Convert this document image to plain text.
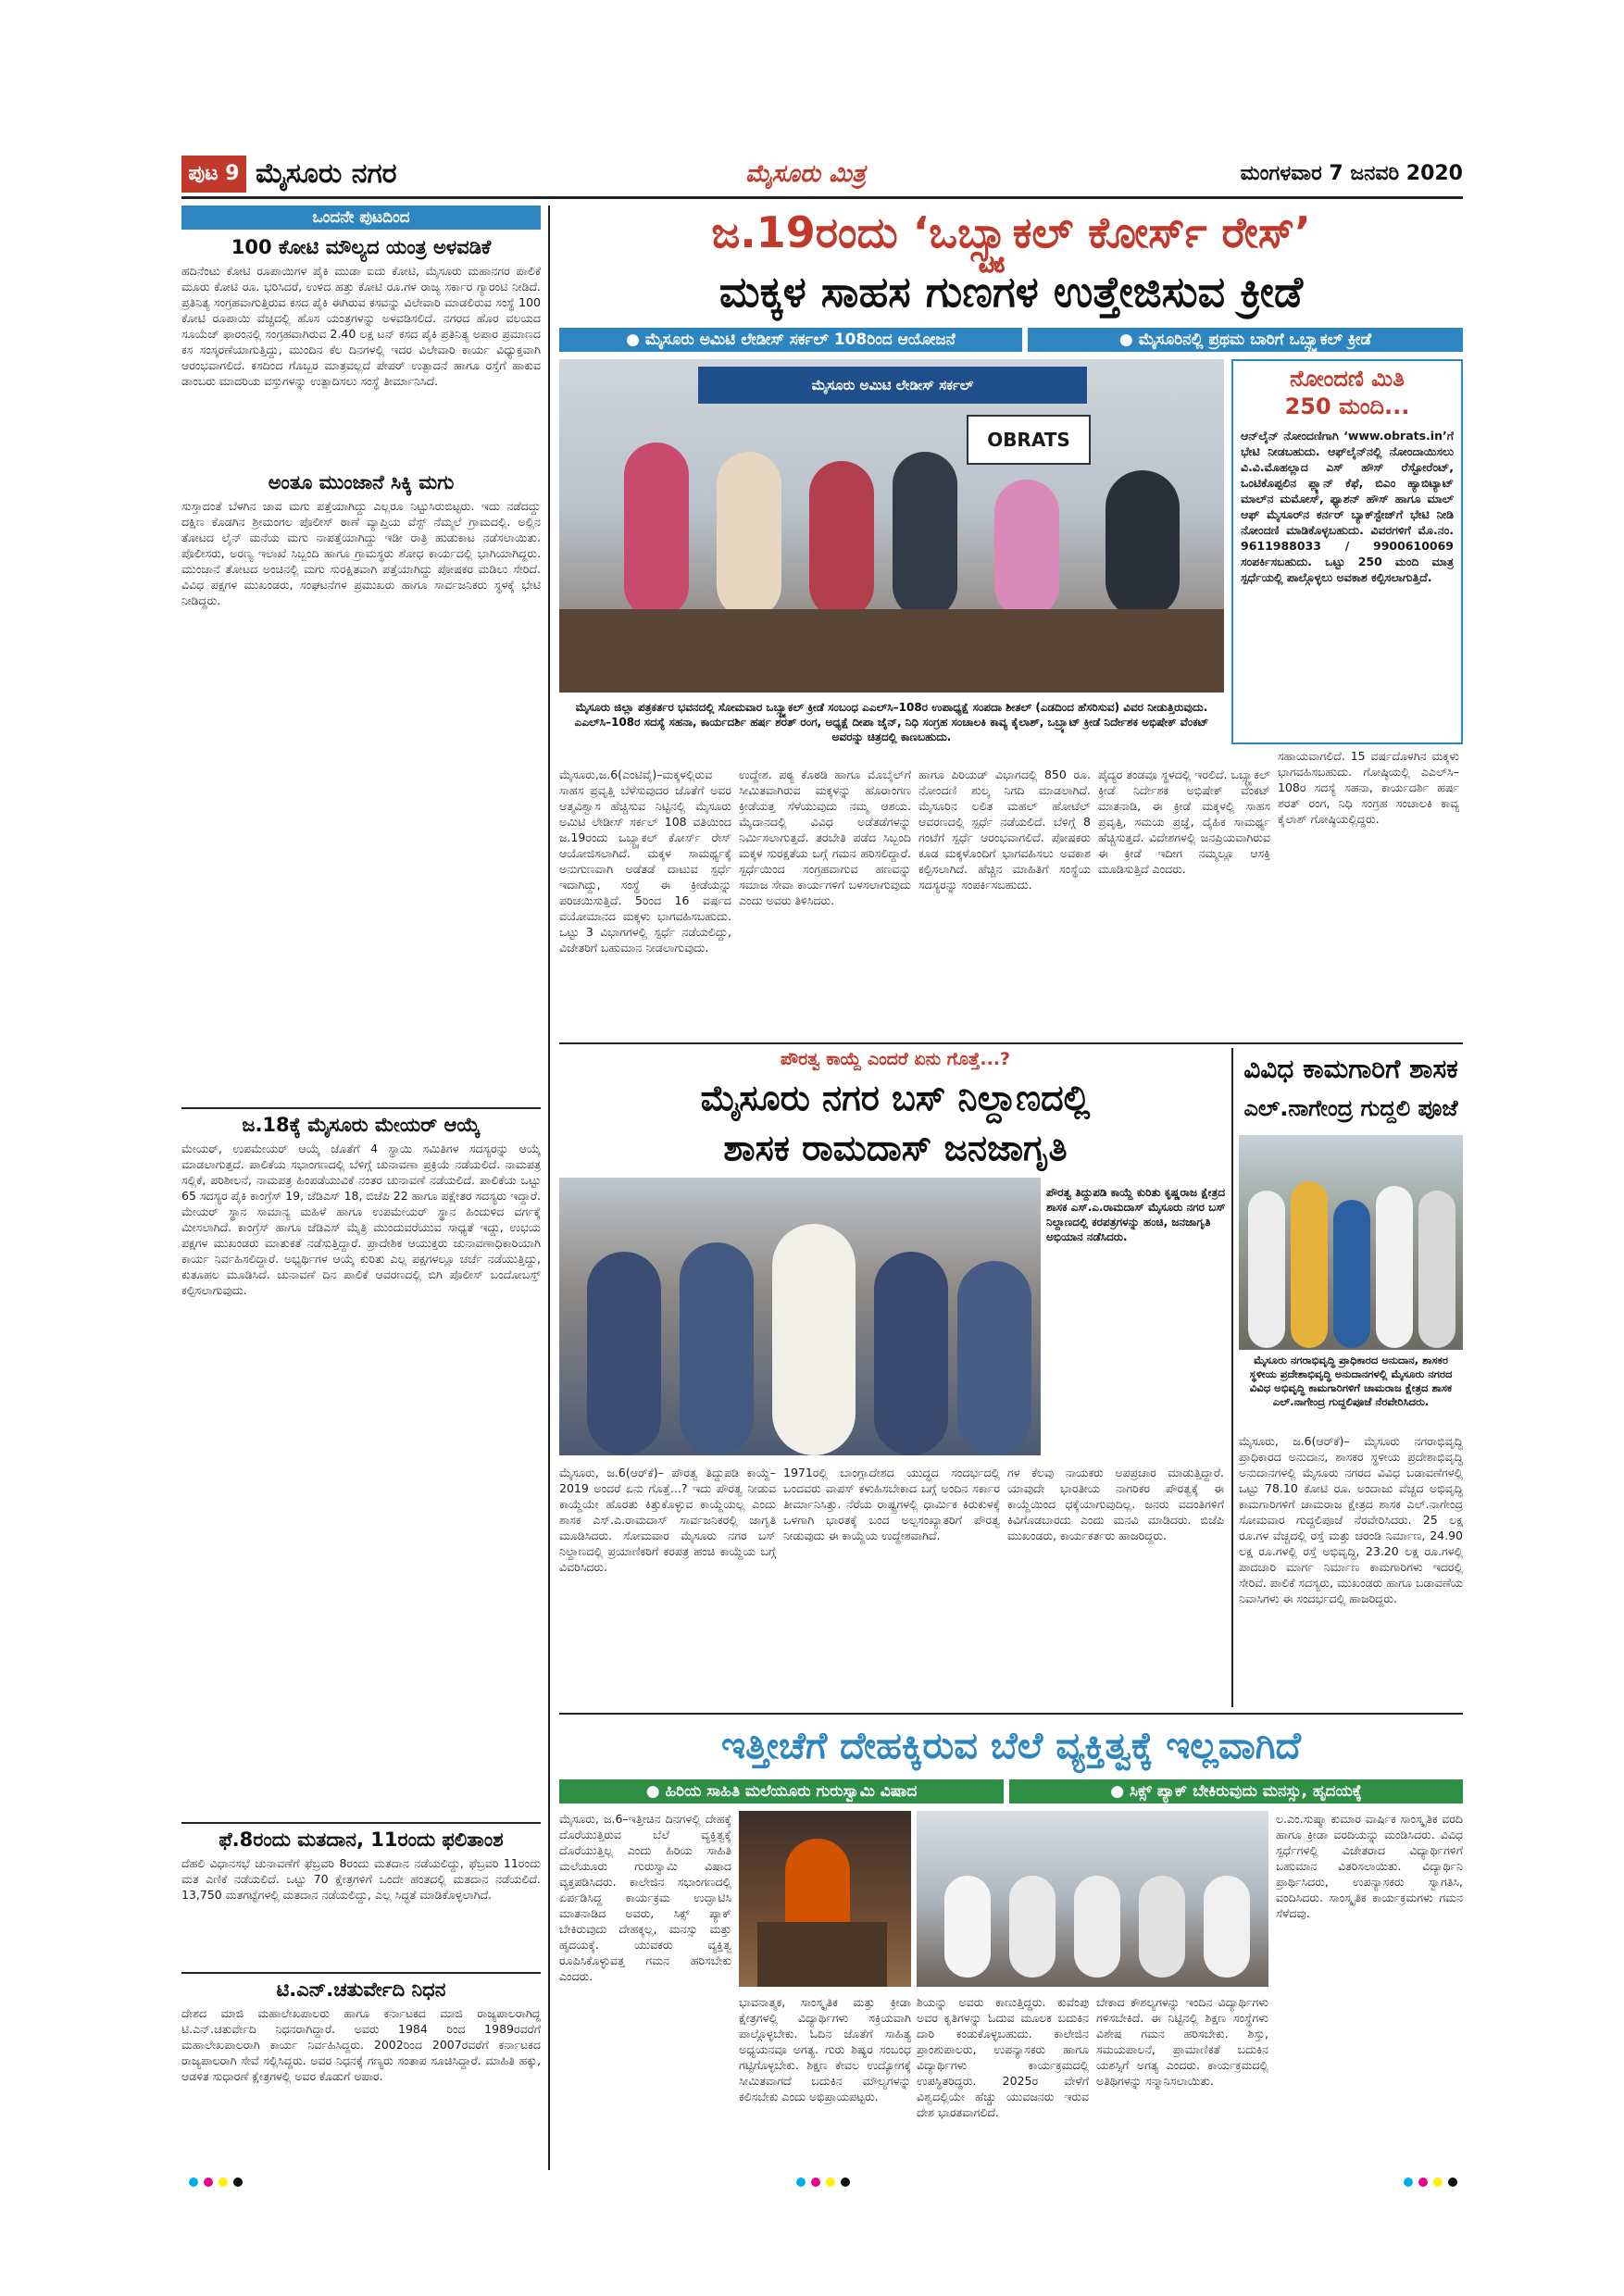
ಪುಟ 9 ಮೈಸೂರು ನಗರ	ಮೈಸೂರು ಮಿತ್ರ	ಮಂಗಳವಾರ 7 ಜನವರಿ 2020
ಒಂದನೇ ಪುಟದಿಂದ
100 ಕೋಟಿ ಮೌಲ್ಯದ ಯಂತ್ರ ಅಳವಡಿಕೆ
ಹದಿನೆಂಟು ಕೋಟಿ ರೂಪಾಯಿಗಳ ಪೈಕಿ ಮುಡಾ ಐದು ಕೋಟಿ, ಮೈಸೂರು ಮಹಾನಗರ ಪಾಲಿಕೆ ಮೂರು ಕೋಟಿ ರೂ. ಭರಿಸಿದರೆ, ಉಳಿದ ಹತ್ತು ಕೋಟಿ ರೂ.ಗಳ ರಾಜ್ಯ ಸರ್ಕಾರ ಗ್ಯಾರಂಟಿ ನೀಡಿದೆ. ಪ್ರತಿನಿತ್ಯ ಸಂಗ್ರಹವಾಗುತ್ತಿರುವ ಕಸದ ಪೈಕಿ ಈಗಿರುವ ಕಸವನ್ನು ವಿಲೇವಾರಿ ಮಾಡಲಿರುವ ಸಂಸ್ಥೆ 100 ಕೋಟಿ ರೂಪಾಯಿ ವೆಚ್ಚದಲ್ಲಿ ಹೊಸ ಯಂತ್ರಗಳನ್ನು ಅಳವಡಿಸಲಿದೆ. ನಗರದ ಹೊರ ವಲಯದ ಸೂಯೆಜ್ ಫಾರಂನಲ್ಲಿ ಸಂಗ್ರಹವಾಗಿರುವ 2.40 ಲಕ್ಷ ಟನ್ ಕಸದ ಪೈಕಿ ಪ್ರತಿನಿತ್ಯ ಅಪಾರ ಪ್ರಮಾಣದ ಕಸ ಸಂಸ್ಕರಣೆಯಾಗುತ್ತಿದ್ದು, ಮುಂದಿನ ಕೆಲ ದಿನಗಳಲ್ಲಿ ಇದರ ವಿಲೇವಾರಿ ಕಾರ್ಯ ವಿಧ್ಯುಕ್ತವಾಗಿ ಆರಂಭವಾಗಲಿದೆ. ಕಸದಿಂದ ಗೊಬ್ಬರ ಮಾತ್ರವಲ್ಲದೆ ಪೇಪರ್ ಉತ್ಪಾದನೆ ಹಾಗೂ ರಸ್ತೆಗೆ ಹಾಕುವ ಡಾಂಬರು ಮಾದರಿಯ ವಸ್ತುಗಳನ್ನು ಉತ್ಪಾದಿಸಲು ಸಂಸ್ಥೆ ತೀರ್ಮಾನಿಸಿದೆ.
ಅಂತೂ ಮುಂಜಾನೆ ಸಿಕ್ಕಿ ಮಗು
ಸುಸ್ತಾದಂತೆ ಬೆಳಗಿನ ಜಾವ ಮಗು ಪತ್ತೆಯಾಗಿದ್ದು ಎಲ್ಲರೂ ನಿಟ್ಟುಸಿರುಬಿಟ್ಟರು. ಇದು ನಡೆದದ್ದು ದಕ್ಷಿಣ ಕೊಡಗಿನ ಶ್ರೀಮಂಗಲ ಪೊಲೀಸ್ ಠಾಣೆ ವ್ಯಾಪ್ತಿಯ ವೆಸ್ಟ್ ನೆಮ್ಮಲೆ ಗ್ರಾಮದಲ್ಲಿ. ಅಲ್ಲಿನ ತೋಟದ ಲೈನ್ ಮನೆಯ ಮಗು ನಾಪತ್ತೆಯಾಗಿದ್ದು ಇಡೀ ರಾತ್ರಿ ಹುಡುಕಾಟ ನಡೆಸಲಾಯಿತು. ಪೊಲೀಸರು, ಅರಣ್ಯ ಇಲಾಖೆ ಸಿಬ್ಬಂದಿ ಹಾಗೂ ಗ್ರಾಮಸ್ಥರು ಶೋಧ ಕಾರ್ಯದಲ್ಲಿ ಭಾಗಿಯಾಗಿದ್ದರು. ಮುಂಜಾನೆ ತೋಟದ ಅಂಚಿನಲ್ಲಿ ಮಗು ಸುರಕ್ಷಿತವಾಗಿ ಪತ್ತೆಯಾಗಿದ್ದು ಪೋಷಕರ ಮಡಿಲು ಸೇರಿದೆ. ವಿವಿಧ ಪಕ್ಷಗಳ ಮುಖಂಡರು, ಸಂಘಟನೆಗಳ ಪ್ರಮುಖರು ಹಾಗೂ ಸಾರ್ವಜನಿಕರು ಸ್ಥಳಕ್ಕೆ ಭೇಟಿ ನೀಡಿದ್ದರು.
ಜ.18ಕ್ಕೆ ಮೈಸೂರು ಮೇಯರ್ ಆಯ್ಕೆ
ಮೇಯರ್, ಉಪಮೇಯರ್ ಆಯ್ಕೆ ಜೊತೆಗೆ 4 ಸ್ಥಾಯಿ ಸಮಿತಿಗಳ ಸದಸ್ಯರನ್ನು ಆಯ್ಕೆ ಮಾಡಲಾಗುತ್ತದೆ. ಪಾಲಿಕೆಯ ಸಭಾಂಗಣದಲ್ಲಿ ಬೆಳಿಗ್ಗೆ ಚುನಾವಣಾ ಪ್ರಕ್ರಿಯೆ ನಡೆಯಲಿದೆ. ನಾಮಪತ್ರ ಸಲ್ಲಿಕೆ, ಪರಿಶೀಲನೆ, ನಾಮಪತ್ರ ಹಿಂಪಡೆಯುವಿಕೆ ನಂತರ ಚುನಾವಣೆ ನಡೆಯಲಿದೆ. ಪಾಲಿಕೆಯ ಒಟ್ಟು 65 ಸದಸ್ಯರ ಪೈಕಿ ಕಾಂಗ್ರೆಸ್ 19, ಜೆಡಿಎಸ್ 18, ಬಿಜೆಪಿ 22 ಹಾಗೂ ಪಕ್ಷೇತರ ಸದಸ್ಯರು ಇದ್ದಾರೆ. ಮೇಯರ್ ಸ್ಥಾನ ಸಾಮಾನ್ಯ ಮಹಿಳೆ ಹಾಗೂ ಉಪಮೇಯರ್ ಸ್ಥಾನ ಹಿಂದುಳಿದ ವರ್ಗಕ್ಕೆ ಮೀಸಲಾಗಿದೆ. ಕಾಂಗ್ರೆಸ್ ಹಾಗೂ ಜೆಡಿಎಸ್ ಮೈತ್ರಿ ಮುಂದುವರೆಯುವ ಸಾಧ್ಯತೆ ಇದ್ದು, ಉಭಯ ಪಕ್ಷಗಳ ಮುಖಂಡರು ಮಾತುಕತೆ ನಡೆಸುತ್ತಿದ್ದಾರೆ. ಪ್ರಾದೇಶಿಕ ಆಯುಕ್ತರು ಚುನಾವಣಾಧಿಕಾರಿಯಾಗಿ ಕಾರ್ಯ ನಿರ್ವಹಿಸಲಿದ್ದಾರೆ. ಅಭ್ಯರ್ಥಿಗಳ ಆಯ್ಕೆ ಕುರಿತು ಎಲ್ಲ ಪಕ್ಷಗಳಲ್ಲೂ ಚರ್ಚೆ ನಡೆಯುತ್ತಿದ್ದು, ಕುತೂಹಲ ಮೂಡಿಸಿದೆ. ಚುನಾವಣೆ ದಿನ ಪಾಲಿಕೆ ಆವರಣದಲ್ಲಿ ಬಿಗಿ ಪೊಲೀಸ್ ಬಂದೋಬಸ್ತ್ ಕಲ್ಪಿಸಲಾಗುವುದು.
ಫೆ.8ರಂದು ಮತದಾನ, 11ರಂದು ಫಲಿತಾಂಶ
ದೆಹಲಿ ವಿಧಾನಸಭೆ ಚುನಾವಣೆಗೆ ಫೆಬ್ರವರಿ 8ರಂದು ಮತದಾನ ನಡೆಯಲಿದ್ದು, ಫೆಬ್ರವರಿ 11ರಂದು ಮತ ಎಣಿಕೆ ನಡೆಯಲಿದೆ. ಒಟ್ಟು 70 ಕ್ಷೇತ್ರಗಳಿಗೆ ಒಂದೇ ಹಂತದಲ್ಲಿ ಮತದಾನ ನಡೆಯಲಿದೆ. 13,750 ಮತಗಟ್ಟೆಗಳಲ್ಲಿ ಮತದಾನ ನಡೆಯಲಿದ್ದು, ಎಲ್ಲ ಸಿದ್ಧತೆ ಮಾಡಿಕೊಳ್ಳಲಾಗಿದೆ.
ಟಿ.ಎನ್.ಚತುರ್ವೇದಿ ನಿಧನ
ದೇಶದ ಮಾಜಿ ಮಹಾಲೇಖಪಾಲರು ಹಾಗೂ ಕರ್ನಾಟಕದ ಮಾಜಿ ರಾಜ್ಯಪಾಲರಾಗಿದ್ದ ಟಿ.ಎನ್.ಚತುರ್ವೇದಿ ನಿಧನರಾಗಿದ್ದಾರೆ. ಅವರು 1984 ರಿಂದ 1989ರವರೆಗೆ ಮಹಾಲೇಖಪಾಲರಾಗಿ ಕಾರ್ಯ ನಿರ್ವಹಿಸಿದ್ದರು. 2002ರಿಂದ 2007ರವರೆಗೆ ಕರ್ನಾಟಕದ ರಾಜ್ಯಪಾಲರಾಗಿ ಸೇವೆ ಸಲ್ಲಿಸಿದ್ದರು. ಅವರ ನಿಧನಕ್ಕೆ ಗಣ್ಯರು ಸಂತಾಪ ಸೂಚಿಸಿದ್ದಾರೆ. ಮಾಹಿತಿ ಹಕ್ಕು, ಆಡಳಿತ ಸುಧಾರಣೆ ಕ್ಷೇತ್ರಗಳಲ್ಲಿ ಅವರ ಕೊಡುಗೆ ಅಪಾರ.
ಜ.19ರಂದು ‘ಒಬ್ಸ್ಟ್ಯಾಕಲ್ ಕೋರ್ಸ್ ರೇಸ್’
ಮಕ್ಕಳ ಸಾಹಸ ಗುಣಗಳ ಉತ್ತೇಜಿಸುವ ಕ್ರೀಡೆ
● ಮೈಸೂರು ಅಮಿಟಿ ಲೇಡೀಸ್ ಸರ್ಕಲ್ 108ರಿಂದ ಆಯೋಜನೆ	● ಮೈಸೂರಿನಲ್ಲಿ ಪ್ರಥಮ ಬಾರಿಗೆ ಒಬ್ಸ್ಟ್ಯಾಕಲ್ ಕ್ರೀಡೆ
ಮೈಸೂರು ಅಮಿಟಿ ಲೇಡೀಸ್ ಸರ್ಕಲ್
OBRATS
ಮೈಸೂರು ಜಿಲ್ಲಾ ಪತ್ರಕರ್ತರ ಭವನದಲ್ಲಿ ಸೋಮವಾರ ಒಬ್ಸ್ಟ್ಯಾಕಲ್ ಕ್ರೀಡೆ ಸಂಬಂಧ ಎಎಲ್‌ಸಿ–108ರ ಉಪಾಧ್ಯಕ್ಷೆ ಸಂಪದಾ ಶೀತಲ್ (ಎಡದಿಂದ ಹೆಸರಿಸುವ) ವಿವರ ನೀಡುತ್ತಿರುವುದು. ಎಎಲ್‌ಸಿ–108ರ ಸದಸ್ಯೆ ಸಹನಾ, ಕಾರ್ಯದರ್ಶಿ ಹರ್ಷ ಶರತ್ ರಂಗ, ಅಧ್ಯಕ್ಷೆ ದೀಪಾ ಜೈನ್, ನಿಧಿ ಸಂಗ್ರಹ ಸಂಚಾಲಕಿ ಕಾವ್ಯ ಕೈಲಾಶ್, ಒಬ್ರ್ಯಾಟ್ ಕ್ರೀಡೆ ನಿರ್ದೇಶಕ ಅಭಿಷೇಕ್ ವೆಂಕಟ್ ಅವರನ್ನು ಚಿತ್ರದಲ್ಲಿ ಕಾಣಬಹುದು.
ನೋಂದಣಿ ಮಿತಿ
250 ಮಂದಿ...
ಆನ್‌ಲೈನ್ ನೋಂದಣಿಗಾಗಿ ‘www.obrats.in’ಗೆ ಭೇಟಿ ನೀಡಬಹುದು. ಆಫ್‌ಲೈನ್‌ನಲ್ಲಿ ನೋಂದಾಯಿಸಲು ವಿ.ವಿ.ಮೊಹಲ್ಲಾದ ಎಸ್ ಹೌಸ್ ರೆಸ್ಟೋರೆಂಟ್, ಒಂಟಿಕೊಪ್ಪಲಿನ ಪ್ಲ್ಯಾನ್ ಕೆಫೆ, ಬಿಎಂ ಹ್ಯಾಬಿಟ್ಯಾಟ್ ಮಾಲ್‌ನ ಮಮೋಸ್, ಫ್ಯಾಶನ್ ಹೌಸ್ ಹಾಗೂ ಮಾಲ್ ಆಫ್ ಮೈಸೂರ್‌ನ ಕರ್ನರ್ ಬ್ಯಾಕ್‌ಸ್ಟೇಜ್‌ಗೆ ಭೇಟಿ ನೀಡಿ ನೋಂದಣಿ ಮಾಡಿಕೊಳ್ಳಬಹುದು. ವಿವರಗಳಿಗೆ ಮೊ.ನಂ. 9611988033 / 9900610069 ಸಂಪರ್ಕಿಸಬಹುದು. ಒಟ್ಟು 250 ಮಂದಿ ಮಾತ್ರ ಸ್ಪರ್ಧೆಯಲ್ಲಿ ಪಾಲ್ಗೊಳ್ಳಲು ಅವಕಾಶ ಕಲ್ಪಿಸಲಾಗುತ್ತಿದೆ.
ಮೈಸೂರು,ಜ.6(ಎಂಟಿವೈ)–ಮಕ್ಕಳಲ್ಲಿರುವ ಸಾಹಸ ಪ್ರವೃತ್ತಿ ಬೆಳೆಸುವುದರ ಜೊತೆಗೆ ಅವರ ಆತ್ಮವಿಶ್ವಾಸ ಹೆಚ್ಚಿಸುವ ನಿಟ್ಟಿನಲ್ಲಿ ಮೈಸೂರು ಅಮಿಟಿ ಲೇಡೀಸ್ ಸರ್ಕಲ್ 108 ವತಿಯಿಂದ ಜ.19ರಂದು ಒಬ್ಸ್ಟ್ಯಾಕಲ್ ಕೋರ್ಸ್ ರೇಸ್ ಆಯೋಜಿಸಲಾಗಿದೆ. ಮಕ್ಕಳ ಸಾಮರ್ಥ್ಯಕ್ಕೆ ಅನುಗುಣವಾಗಿ ಅಡೆತಡೆ ದಾಟುವ ಸ್ಪರ್ಧೆ ಇದಾಗಿದ್ದು, ಸಂಸ್ಥೆ ಈ ಕ್ರೀಡೆಯನ್ನು ಪರಿಚಯಿಸುತ್ತಿದೆ. 5ರಿಂದ 16 ವರ್ಷದ ವಯೋಮಾನದ ಮಕ್ಕಳು ಭಾಗವಹಿಸಬಹುದು. ಒಟ್ಟು 3 ವಿಭಾಗಗಳಲ್ಲಿ ಸ್ಪರ್ಧೆ ನಡೆಯಲಿದ್ದು, ವಿಜೇತರಿಗೆ ಬಹುಮಾನ ನೀಡಲಾಗುವುದು.
ಉದ್ದೇಶ. ಪಠ್ಯ ಕೊಠಡಿ ಹಾಗೂ ಮೊಬೈಲ್‌ಗೆ ಸೀಮಿತವಾಗಿರುವ ಮಕ್ಕಳನ್ನು ಹೊರಾಂಗಣ ಕ್ರೀಡೆಯತ್ತ ಸೆಳೆಯುವುದು ನಮ್ಮ ಆಶಯ. ಮೈದಾನದಲ್ಲಿ ವಿವಿಧ ಅಡೆತಡೆಗಳನ್ನು ನಿರ್ಮಿಸಲಾಗುತ್ತದೆ. ತರಬೇತಿ ಪಡೆದ ಸಿಬ್ಬಂದಿ ಮಕ್ಕಳ ಸುರಕ್ಷತೆಯ ಬಗ್ಗೆ ಗಮನ ಹರಿಸಲಿದ್ದಾರೆ. ಸ್ಪರ್ಧೆಯಿಂದ ಸಂಗ್ರಹವಾಗುವ ಹಣವನ್ನು ಸಮಾಜ ಸೇವಾ ಕಾರ್ಯಗಳಿಗೆ ಬಳಸಲಾಗುವುದು ಎಂದು ಅವರು ತಿಳಿಸಿದರು.
ಹಾಗೂ ಪಿರಿಯಡ್ ವಿಭಾಗದಲ್ಲಿ 850 ರೂ. ನೋಂದಣಿ ಶುಲ್ಕ ನಿಗದಿ ಮಾಡಲಾಗಿದೆ. ಮೈಸೂರಿನ ಲಲಿತ ಮಹಲ್ ಹೋಟೆಲ್ ಆವರಣದಲ್ಲಿ ಸ್ಪರ್ಧೆ ನಡೆಯಲಿದೆ. ಬೆಳಿಗ್ಗೆ 8 ಗಂಟೆಗೆ ಸ್ಪರ್ಧೆ ಆರಂಭವಾಗಲಿದೆ. ಪೋಷಕರು ಕೂಡ ಮಕ್ಕಳೊಂದಿಗೆ ಭಾಗವಹಿಸಲು ಅವಕಾಶ ಕಲ್ಪಿಸಲಾಗಿದೆ. ಹೆಚ್ಚಿನ ಮಾಹಿತಿಗೆ ಸಂಸ್ಥೆಯ ಸದಸ್ಯರನ್ನು ಸಂಪರ್ಕಿಸಬಹುದು.
ಪೈದ್ಯರ ತಂಡವೂ ಸ್ಥಳದಲ್ಲಿ ಇರಲಿದೆ. ಒಬ್ಸ್ಟ್ಯಾಕಲ್ ಕ್ರೀಡೆ ನಿರ್ದೇಶಕ ಅಭಿಷೇಕ್ ವೆಂಕಟ್ ಮಾತನಾಡಿ, ಈ ಕ್ರೀಡೆ ಮಕ್ಕಳಲ್ಲಿ ಸಾಹಸ ಪ್ರವೃತ್ತಿ, ಸಮಯ ಪ್ರಜ್ಞೆ, ದೈಹಿಕ ಸಾಮರ್ಥ್ಯ ಹೆಚ್ಚಿಸುತ್ತದೆ. ವಿದೇಶಗಳಲ್ಲಿ ಜನಪ್ರಿಯವಾಗಿರುವ ಈ ಕ್ರೀಡೆ ಇದೀಗ ನಮ್ಮಲ್ಲೂ ಆಸಕ್ತಿ ಮೂಡಿಸುತ್ತಿದೆ ಎಂದರು.
ಸಹಾಯವಾಗಲಿದೆ. 15 ವರ್ಷದೊಳಗಿನ ಮಕ್ಕಳು ಭಾಗವಹಿಸಬಹುದು. ಗೋಷ್ಠಿಯಲ್ಲಿ ಎಎಲ್‌ಸಿ–108ರ ಸದಸ್ಯೆ ಸಹನಾ, ಕಾರ್ಯದರ್ಶಿ ಹರ್ಷ ಶರತ್ ರಂಗ, ನಿಧಿ ಸಂಗ್ರಹ ಸಂಚಾಲಕಿ ಕಾವ್ಯ ಕೈಲಾಶ್ ಗೋಷ್ಠಿಯಲ್ಲಿದ್ದರು.
ಪೌರತ್ವ ಕಾಯ್ದೆ ಎಂದರೆ ಏನು ಗೊತ್ತೆ...?
ಮೈಸೂರು ನಗರ ಬಸ್ ನಿಲ್ದಾಣದಲ್ಲಿ
ಶಾಸಕ ರಾಮದಾಸ್ ಜನಜಾಗೃತಿ
ಪೌರತ್ವ ತಿದ್ದುಪಡಿ ಕಾಯ್ದೆ ಕುರಿತು ಕೃಷ್ಣರಾಜ ಕ್ಷೇತ್ರದ ಶಾಸಕ ಎಸ್.ಎ.ರಾಮದಾಸ್ ಮೈಸೂರು ನಗರ ಬಸ್ ನಿಲ್ದಾಣದಲ್ಲಿ ಕರಪತ್ರಗಳನ್ನು ಹಂಚಿ, ಜನಜಾಗೃತಿ ಅಭಿಯಾನ ನಡೆಸಿದರು.
ಮೈಸೂರು, ಜ.6(ಆರ್‌ಕೆ)– ಪೌರತ್ವ ತಿದ್ದುಪಡಿ ಕಾಯ್ದೆ–2019 ಅಂದರೆ ಏನು ಗೊತ್ತೆ...? ಇದು ಪೌರತ್ವ ನೀಡುವ ಕಾಯ್ದೆಯೇ ಹೊರತು ಕಿತ್ತುಕೊಳ್ಳುವ ಕಾಯ್ದೆಯಲ್ಲ ಎಂದು ಶಾಸಕ ಎಸ್.ಎ.ರಾಮದಾಸ್ ಸಾರ್ವಜನಿಕರಲ್ಲಿ ಜಾಗೃತಿ ಮೂಡಿಸಿದರು. ಸೋಮವಾರ ಮೈಸೂರು ನಗರ ಬಸ್ ನಿಲ್ದಾಣದಲ್ಲಿ ಪ್ರಯಾಣಿಕರಿಗೆ ಕರಪತ್ರ ಹಂಚಿ ಕಾಯ್ದೆಯ ಬಗ್ಗೆ ವಿವರಿಸಿದರು.
1971ರಲ್ಲಿ ಬಾಂಗ್ಲಾದೇಶದ ಯುದ್ಧದ ಸಂದರ್ಭದಲ್ಲಿ ಬಂದವರು ವಾಪಸ್ ಕಳುಹಿಸಬೇಕಾದ ಬಗ್ಗೆ ಅಂದಿನ ಸರ್ಕಾರ ತೀರ್ಮಾನಿಸಿತ್ತು. ನೆರೆಯ ರಾಷ್ಟ್ರಗಳಲ್ಲಿ ಧಾರ್ಮಿಕ ಕಿರುಕುಳಕ್ಕೆ ಒಳಗಾಗಿ ಭಾರತಕ್ಕೆ ಬಂದ ಅಲ್ಪಸಂಖ್ಯಾತರಿಗೆ ಪೌರತ್ವ ನೀಡುವುದು ಈ ಕಾಯ್ದೆಯ ಉದ್ದೇಶವಾಗಿದೆ.
ಗಳ ಕೆಲವು ನಾಯಕರು ಅಪಪ್ರಚಾರ ಮಾಡುತ್ತಿದ್ದಾರೆ. ಯಾವುದೇ ಭಾರತೀಯ ನಾಗರಿಕರ ಪೌರತ್ವಕ್ಕೆ ಈ ಕಾಯ್ದೆಯಿಂದ ಧಕ್ಕೆಯಾಗುವುದಿಲ್ಲ. ಜನರು ವದಂತಿಗಳಿಗೆ ಕಿವಿಗೊಡಬಾರದು ಎಂದು ಮನವಿ ಮಾಡಿದರು. ಬಿಜೆಪಿ ಮುಖಂಡರು, ಕಾರ್ಯಕರ್ತರು ಹಾಜರಿದ್ದರು.
ವಿವಿಧ ಕಾಮಗಾರಿಗೆ ಶಾಸಕ
ಎಲ್.ನಾಗೇಂದ್ರ ಗುದ್ದಲಿ ಪೂಜೆ
ಮೈಸೂರು ನಗರಾಭಿವೃದ್ಧಿ ಪ್ರಾಧಿಕಾರದ ಅನುದಾನ, ಶಾಸಕರ ಸ್ಥಳೀಯ ಪ್ರದೇಶಾಭಿವೃದ್ಧಿ ಅನುದಾನಗಳಲ್ಲಿ ಮೈಸೂರು ನಗರದ ವಿವಿಧ ಅಭಿವೃದ್ಧಿ ಕಾಮಗಾರಿಗಳಿಗೆ ಚಾಮರಾಜ ಕ್ಷೇತ್ರದ ಶಾಸಕ ಎಲ್.ನಾಗೇಂದ್ರ ಗುದ್ದಲಿಪೂಜೆ ನೆರವೇರಿಸಿದರು.
ಮೈಸೂರು, ಜ.6(ಆರ್‌ಕೆ)– ಮೈಸೂರು ನಗರಾಭಿವೃದ್ಧಿ ಪ್ರಾಧಿಕಾರದ ಅನುದಾನ, ಶಾಸಕರ ಸ್ಥಳೀಯ ಪ್ರದೇಶಾಭಿವೃದ್ಧಿ ಅನುದಾನಗಳಲ್ಲಿ ಮೈಸೂರು ನಗರದ ವಿವಿಧ ಬಡಾವಣೆಗಳಲ್ಲಿ ಒಟ್ಟು 78.10 ಕೋಟಿ ರೂ. ಅಂದಾಜು ವೆಚ್ಚದ ಅಭಿವೃದ್ಧಿ ಕಾಮಗಾರಿಗಳಿಗೆ ಚಾಮರಾಜ ಕ್ಷೇತ್ರದ ಶಾಸಕ ಎಲ್.ನಾಗೇಂದ್ರ ಸೋಮವಾರ ಗುದ್ದಲಿಪೂಜೆ ನೆರವೇರಿಸಿದರು. 25 ಲಕ್ಷ ರೂ.ಗಳ ವೆಚ್ಚದಲ್ಲಿ ರಸ್ತೆ ಮತ್ತು ಚರಂಡಿ ನಿರ್ಮಾಣ, 24.90 ಲಕ್ಷ ರೂ.ಗಳಲ್ಲಿ ರಸ್ತೆ ಅಭಿವೃದ್ಧಿ, 23.20 ಲಕ್ಷ ರೂ.ಗಳಲ್ಲಿ ಪಾದಚಾರಿ ಮಾರ್ಗ ನಿರ್ಮಾಣ ಕಾಮಗಾರಿಗಳು ಇದರಲ್ಲಿ ಸೇರಿವೆ. ಪಾಲಿಕೆ ಸದಸ್ಯರು, ಮುಖಂಡರು ಹಾಗೂ ಬಡಾವಣೆಯ ನಿವಾಸಿಗಳು ಈ ಸಂದರ್ಭದಲ್ಲಿ ಹಾಜರಿದ್ದರು.
ಇತ್ತೀಚೆಗೆ ದೇಹಕ್ಕಿರುವ ಬೆಲೆ ವ್ಯಕ್ತಿತ್ವಕ್ಕೆ ಇಲ್ಲವಾಗಿದೆ
● ಹಿರಿಯ ಸಾಹಿತಿ ಮಲೆಯೂರು ಗುರುಸ್ವಾಮಿ ವಿಷಾದ	● ಸಿಕ್ಸ್ ಪ್ಯಾಕ್ ಬೇಕಿರುವುದು ಮನಸ್ಸು, ಹೃದಯಕ್ಕೆ
ಮೈಸೂರು, ಜ.6–ಇತ್ತೀಚಿನ ದಿನಗಳಲ್ಲಿ ದೇಹಕ್ಕೆ ದೊರೆಯುತ್ತಿರುವ ಬೆಲೆ ವ್ಯಕ್ತಿತ್ವಕ್ಕೆ ದೊರೆಯುತ್ತಿಲ್ಲ ಎಂದು ಹಿರಿಯ ಸಾಹಿತಿ ಮಲೆಯೂರು ಗುರುಸ್ವಾಮಿ ವಿಷಾದ ವ್ಯಕ್ತಪಡಿಸಿದರು. ಕಾಲೇಜಿನ ಸಭಾಂಗಣದಲ್ಲಿ ಏರ್ಪಡಿಸಿದ್ದ ಕಾರ್ಯಕ್ರಮ ಉದ್ಘಾಟಿಸಿ ಮಾತನಾಡಿದ ಅವರು, ಸಿಕ್ಸ್ ಪ್ಯಾಕ್ ಬೇಕಿರುವುದು ದೇಹಕ್ಕಲ್ಲ, ಮನಸ್ಸು ಮತ್ತು ಹೃದಯಕ್ಕೆ. ಯುವಕರು ವ್ಯಕ್ತಿತ್ವ ರೂಪಿಸಿಕೊಳ್ಳುವತ್ತ ಗಮನ ಹರಿಸಬೇಕು ಎಂದರು.
ಭಾವನಾತ್ಮಕ, ಸಾಂಸ್ಕೃತಿಕ ಮತ್ತು ಕ್ರೀಡಾ ಕ್ಷೇತ್ರಗಳಲ್ಲಿ ವಿದ್ಯಾರ್ಥಿಗಳು ಸಕ್ರಿಯವಾಗಿ ಪಾಲ್ಗೊಳ್ಳಬೇಕು. ಓದಿನ ಜೊತೆಗೆ ಸಾಹಿತ್ಯ ಅಧ್ಯಯನವೂ ಅಗತ್ಯ. ಗುರು ಶಿಷ್ಯರ ಸಂಬಂಧ ಗಟ್ಟಿಗೊಳ್ಳಬೇಕು. ಶಿಕ್ಷಣ ಕೇವಲ ಉದ್ಯೋಗಕ್ಕೆ ಸೀಮಿತವಾಗದೆ ಬದುಕಿನ ಮೌಲ್ಯಗಳನ್ನು ಕಲಿಸಬೇಕು ಎಂದು ಅಭಿಪ್ರಾಯಪಟ್ಟರು.
ಶಿಯನ್ನು ಅವರು ಕಾಣುತ್ತಿದ್ದರು. ಕುವೆಂಪು ಅವರ ಕೃತಿಗಳನ್ನು ಓದುವ ಮೂಲಕ ಬದುಕಿನ ದಾರಿ ಕಂಡುಕೊಳ್ಳಬಹುದು. ಕಾಲೇಜಿನ ಪ್ರಾಂಶುಪಾಲರು, ಉಪನ್ಯಾಸಕರು ಹಾಗೂ ವಿದ್ಯಾರ್ಥಿಗಳು ಕಾರ್ಯಕ್ರಮದಲ್ಲಿ ಉಪಸ್ಥಿತರಿದ್ದರು. 2025ರ ವೇಳೆಗೆ ವಿಶ್ವದಲ್ಲಿಯೇ ಹೆಚ್ಚು ಯುವಜನರು ಇರುವ ದೇಶ ಭಾರತವಾಗಲಿದೆ.
ಬೇಕಾದ ಕೌಶಲ್ಯಗಳನ್ನು ಇಂದಿನ ವಿದ್ಯಾರ್ಥಿಗಳು ಗಳಿಸಬೇಕಿದೆ. ಈ ನಿಟ್ಟಿನಲ್ಲಿ ಶಿಕ್ಷಣ ಸಂಸ್ಥೆಗಳು ವಿಶೇಷ ಗಮನ ಹರಿಸಬೇಕು. ಶಿಸ್ತು, ಸಮಯಪಾಲನೆ, ಪ್ರಾಮಾಣಿಕತೆ ಬದುಕಿನ ಯಶಸ್ಸಿಗೆ ಅಗತ್ಯ ಎಂದರು. ಕಾರ್ಯಕ್ರಮದಲ್ಲಿ ಅತಿಥಿಗಳನ್ನು ಸನ್ಮಾನಿಸಲಾಯಿತು.
ಲ.ಎಂ.ಸುಷ್ಮಾ ಕುಮಾರ ವಾರ್ಷಿಕ ಸಾಂಸ್ಕೃತಿಕ ವರದಿ ಹಾಗೂ ಕ್ರೀಡಾ ವರದಿಯನ್ನು ಮಂಡಿಸಿದರು. ವಿವಿಧ ಸ್ಪರ್ಧೆಗಳಲ್ಲಿ ವಿಜೇತರಾದ ವಿದ್ಯಾರ್ಥಿಗಳಿಗೆ ಬಹುಮಾನ ವಿತರಿಸಲಾಯಿತು. ವಿದ್ಯಾರ್ಥಿನಿ ಪ್ರಾರ್ಥಿಸಿದರು, ಉಪನ್ಯಾಸಕರು ಸ್ವಾಗತಿಸಿ, ವಂದಿಸಿದರು. ಸಾಂಸ್ಕೃತಿಕ ಕಾರ್ಯಕ್ರಮಗಳು ಗಮನ ಸೆಳೆದವು.
